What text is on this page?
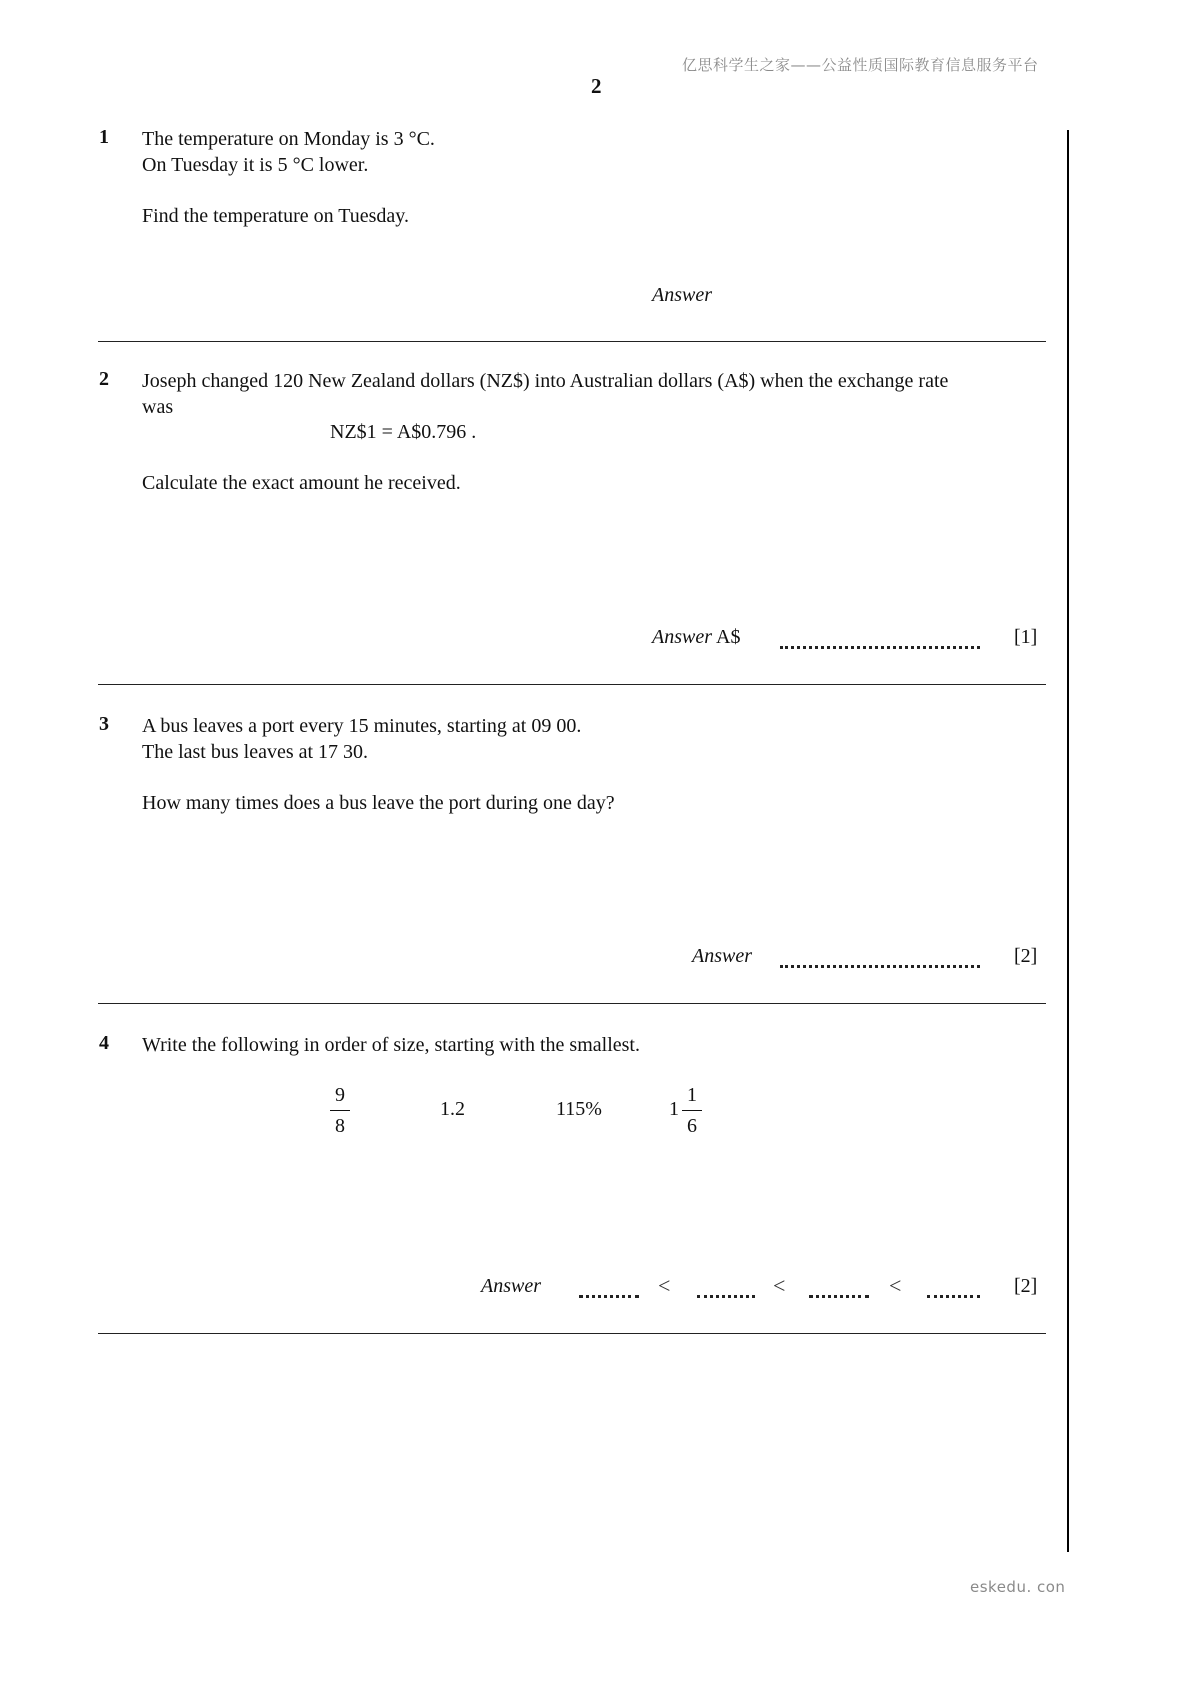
亿思科学生之家——公益性质国际教育信息服务平台
2
1 The temperature on Monday is 3 °C.
On Tuesday it is 5 °C lower.
Find the temperature on Tuesday.
Answer
2 Joseph changed 120 New Zealand dollars (NZ$) into Australian dollars (A$) when the exchange rate
was
NZ$1 = A$0.796 .
Calculate the exact amount he received.
Answer A$	[1]
3 A bus leaves a port every 15 minutes, starting at 09 00.
The last bus leaves at 17 30.
How many times does a bus leave the port during one day?
Answer	[2]
4 Write the following in order of size, starting with the smallest.
9
8
1.2	115%	1
1
6
Answer	<	<	<	[2]
eskedu. con
